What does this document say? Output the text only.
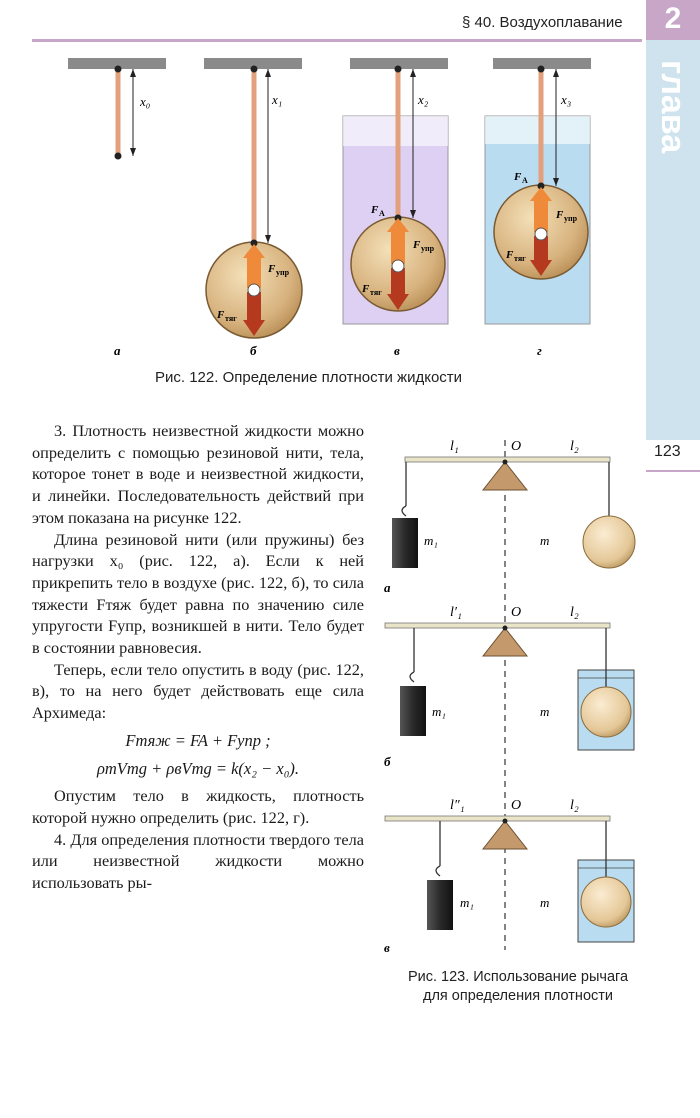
2
глава
§ 40. Воздухоплавание
123
x₀	x₁
F упр
F тяг
x₂
F A
F упр
F тяг
x₃
F A
F упр
F тяг
а	б	в	г
Рис. 122. Определение плотности жидкости

3. Плотность неизвестной жидкости можно определить с помощью резиновой нити, тела, которое тонет в воде и неизвестной жидкости, и линейки. Последовательность действий при этом показана на рисунке 122.

Длина резиновой нити (или пружины) без нагрузки x₀ (рис. 122, а). Если к ней прикрепить тело в воздухе (рис. 122, б), то сила тяжести Fтяж будет равна по значению силе упругости Fупр, возникшей в нити. Тело будет в состоянии равновесия.

Теперь, если тело опустить в воду (рис. 122, в), то на него будет действовать еще сила Архимеда:

Fтяж = FA + Fупр ;
ρтVтg + ρвVтg = k(x₂ − x₀).

Опустим тело в жидкость, плотность которой нужно определить (рис. 122, г).

4. Для определения плотности твердого тела или неизвестной жидкости можно использовать ры-

l₁	O	l₂
m₁	m
а
l′₁	O	l₂
m₁	m
б
l″₁	O	l₂
m₁	m
в
Рис. 123. Использование рычага для определения плотности
